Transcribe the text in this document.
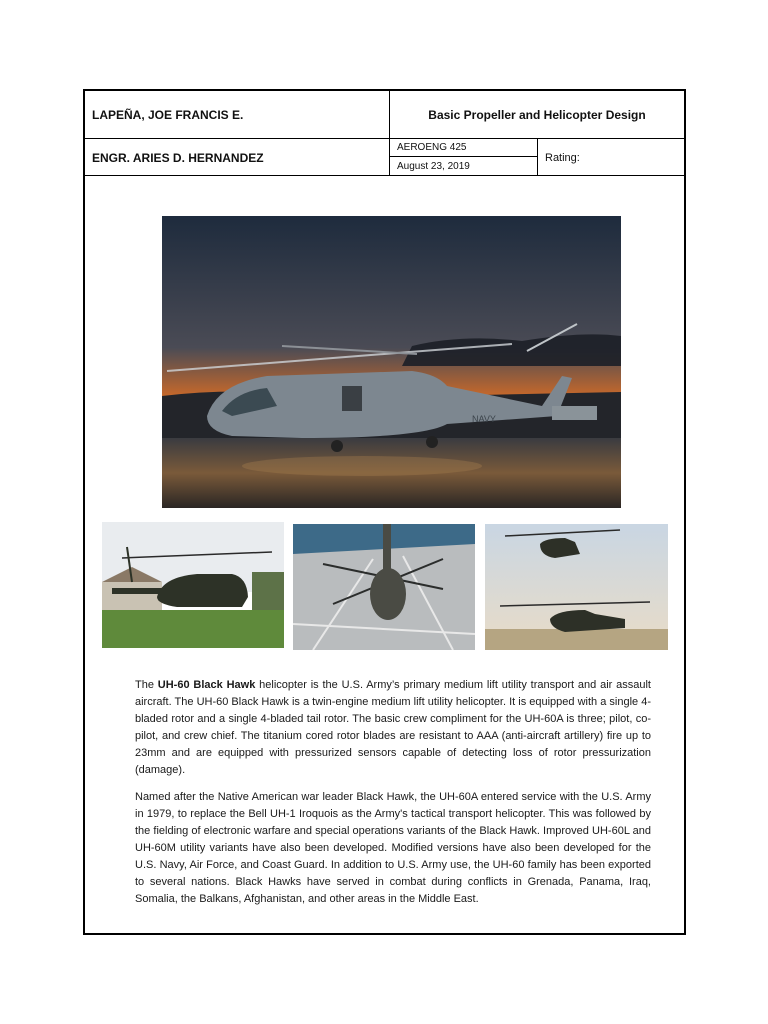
LAPEÑA, JOE FRANCIS E.	Basic Propeller and Helicopter Design
ENGR. ARIES D. HERNANDEZ
AEROENG 425
August 23, 2019
Rating:
NAVY

The UH-60 Black Hawk helicopter is the U.S. Army’s primary medium lift utility transport and air assault aircraft. The UH-60 Black Hawk is a twin-engine medium lift utility helicopter. It is equipped with a single 4-bladed rotor and a single 4-bladed tail rotor. The basic crew compliment for the UH-60A is three; pilot, co-pilot, and crew chief. The titanium cored rotor blades are resistant to AAA (anti-aircraft artillery) fire up to 23mm and are equipped with pressurized sensors capable of detecting loss of rotor pressurization (damage).

Named after the Native American war leader Black Hawk, the UH-60A entered service with the U.S. Army in 1979, to replace the Bell UH-1 Iroquois as the Army's tactical transport helicopter. This was followed by the fielding of electronic warfare and special operations variants of the Black Hawk. Improved UH-60L and UH-60M utility variants have also been developed. Modified versions have also been developed for the U.S. Navy, Air Force, and Coast Guard. In addition to U.S. Army use, the UH-60 family has been exported to several nations. Black Hawks have served in combat during conflicts in Grenada, Panama, Iraq, Somalia, the Balkans, Afghanistan, and other areas in the Middle East.
